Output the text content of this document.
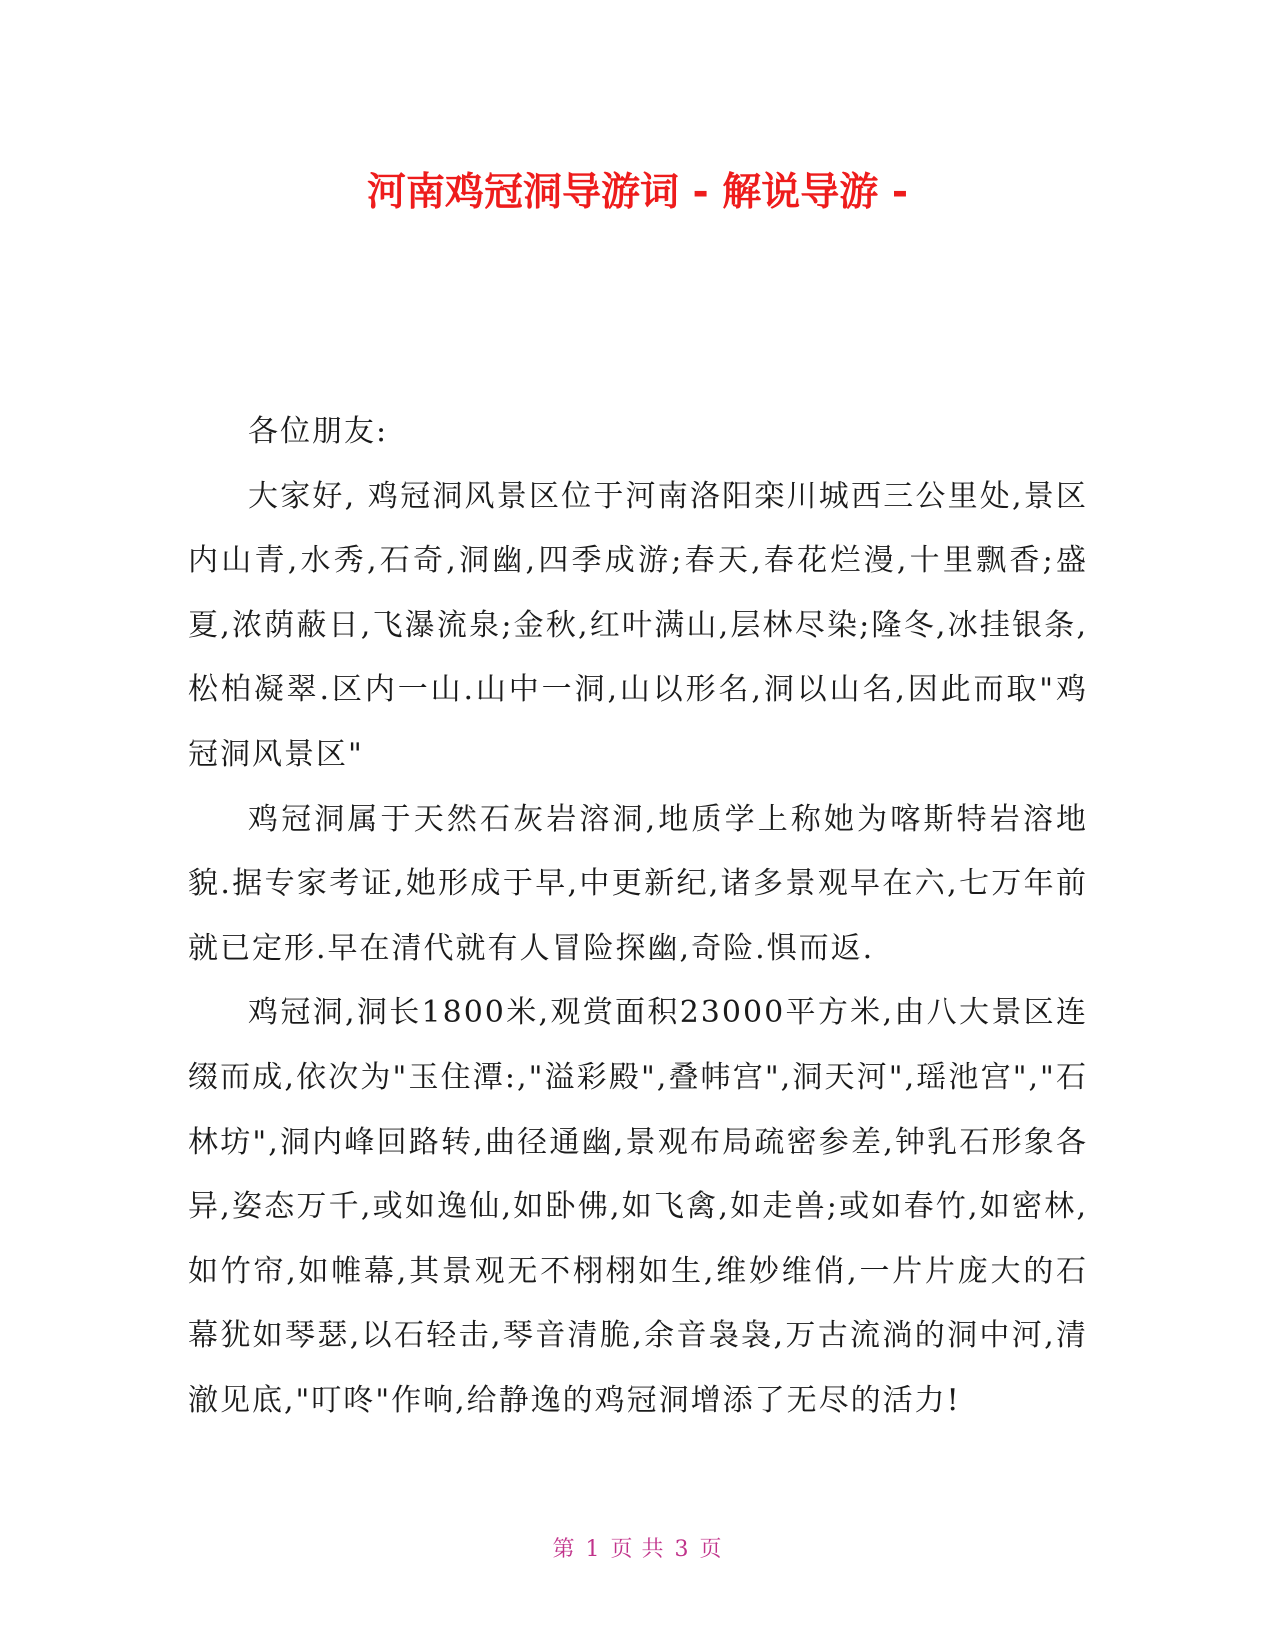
河南鸡冠洞导游词 - 解说导游 -

各位朋友:

大家好, 鸡冠洞风景区位于河南洛阳栾川城西三公里处,景区内山青,水秀,石奇,洞幽,四季成游;春天,春花烂漫,十里飘香;盛夏,浓荫蔽日,飞瀑流泉;金秋,红叶满山,层林尽染;隆冬,冰挂银条,松柏凝翠.区内一山.山中一洞,山以形名,洞以山名,因此而取"鸡冠洞风景区"

鸡冠洞属于天然石灰岩溶洞,地质学上称她为喀斯特岩溶地貌.据专家考证,她形成于早,中更新纪,诸多景观早在六,七万年前就已定形.早在清代就有人冒险探幽,奇险.惧而返.

鸡冠洞,洞长1800米,观赏面积23000平方米,由八大景区连缀而成,依次为"玉住潭:,"溢彩殿",叠帏宫",洞天河",瑶池宫","石林坊",洞内峰回路转,曲径通幽,景观布局疏密参差,钟乳石形象各异,姿态万千,或如逸仙,如卧佛,如飞禽,如走兽;或如春竹,如密林,如竹帘,如帷幕,其景观无不栩栩如生,维妙维俏,一片片庞大的石幕犹如琴瑟,以石轻击,琴音清脆,余音袅袅,万古流淌的洞中河,清澈见底,"叮咚"作响,给静逸的鸡冠洞增添了无尽的活力!

第 1 页 共 3 页
